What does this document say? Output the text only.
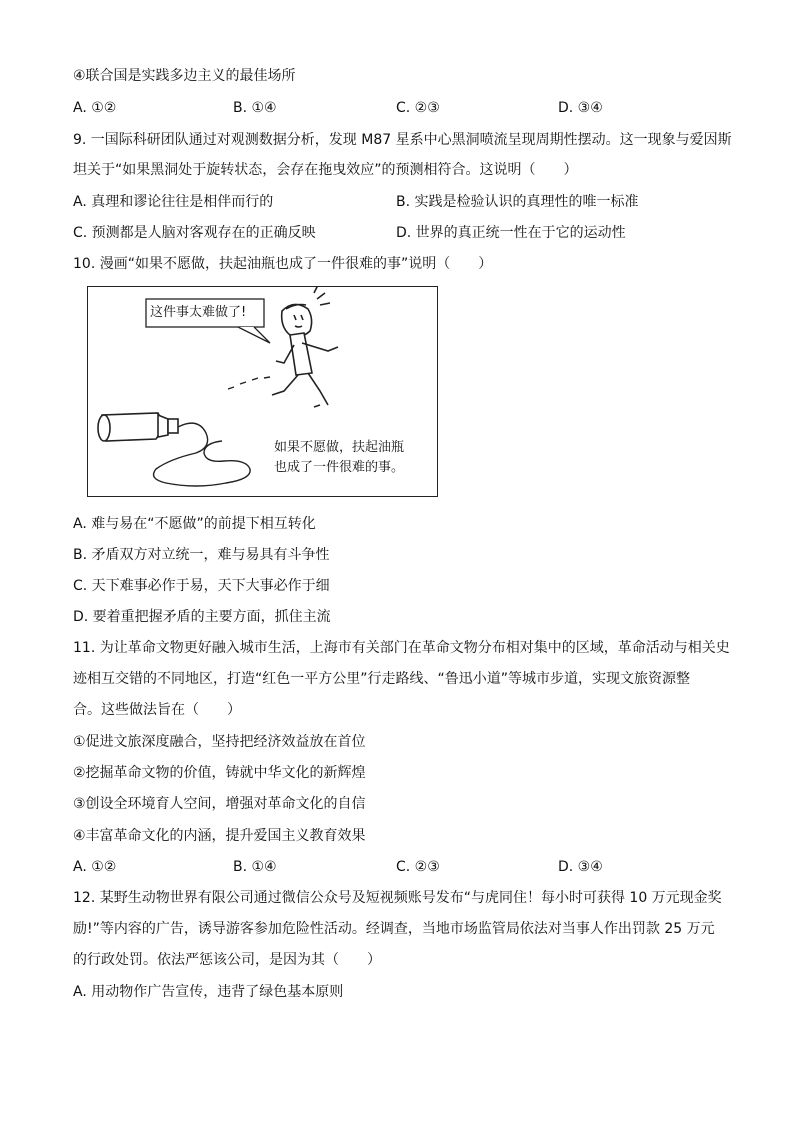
④联合国是实践多边主义的最佳场所
A. ①②	B. ①④	C. ②③	D. ③④
9. 一国际科研团队通过对观测数据分析，发现 M87 星系中心黑洞喷流呈现周期性摆动。这一现象与爱因斯
坦关于“如果黑洞处于旋转状态，会存在拖曳效应”的预测相符合。这说明（　　）
A. 真理和谬论往往是相伴而行的	B. 实践是检验认识的真理性的唯一标准
C. 预测都是人脑对客观存在的正确反映	D. 世界的真正统一性在于它的运动性
10. 漫画“如果不愿做，扶起油瓶也成了一件很难的事”说明（　　）
这件事太难做了!
如果不愿做，扶起油瓶
也成了一件很难的事。
A. 难与易在“不愿做”的前提下相互转化
B. 矛盾双方对立统一，难与易具有斗争性
C. 天下难事必作于易，天下大事必作于细
D. 要着重把握矛盾的主要方面，抓住主流
11. 为让革命文物更好融入城市生活，上海市有关部门在革命文物分布相对集中的区域，革命活动与相关史
迹相互交错的不同地区，打造“红色一平方公里”行走路线、“鲁迅小道”等城市步道，实现文旅资源整
合。这些做法旨在（　　）
①促进文旅深度融合，坚持把经济效益放在首位
②挖掘革命文物的价值，铸就中华文化的新辉煌
③创设全环境育人空间，增强对革命文化的自信
④丰富革命文化的内涵，提升爱国主义教育效果
A. ①②	B. ①④	C. ②③	D. ③④
12. 某野生动物世界有限公司通过微信公众号及短视频账号发布“与虎同住！每小时可获得 10 万元现金奖
励!”等内容的广告，诱导游客参加危险性活动。经调查，当地市场监管局依法对当事人作出罚款 25 万元
的行政处罚。依法严惩该公司，是因为其（　　）
A. 用动物作广告宣传，违背了绿色基本原则
